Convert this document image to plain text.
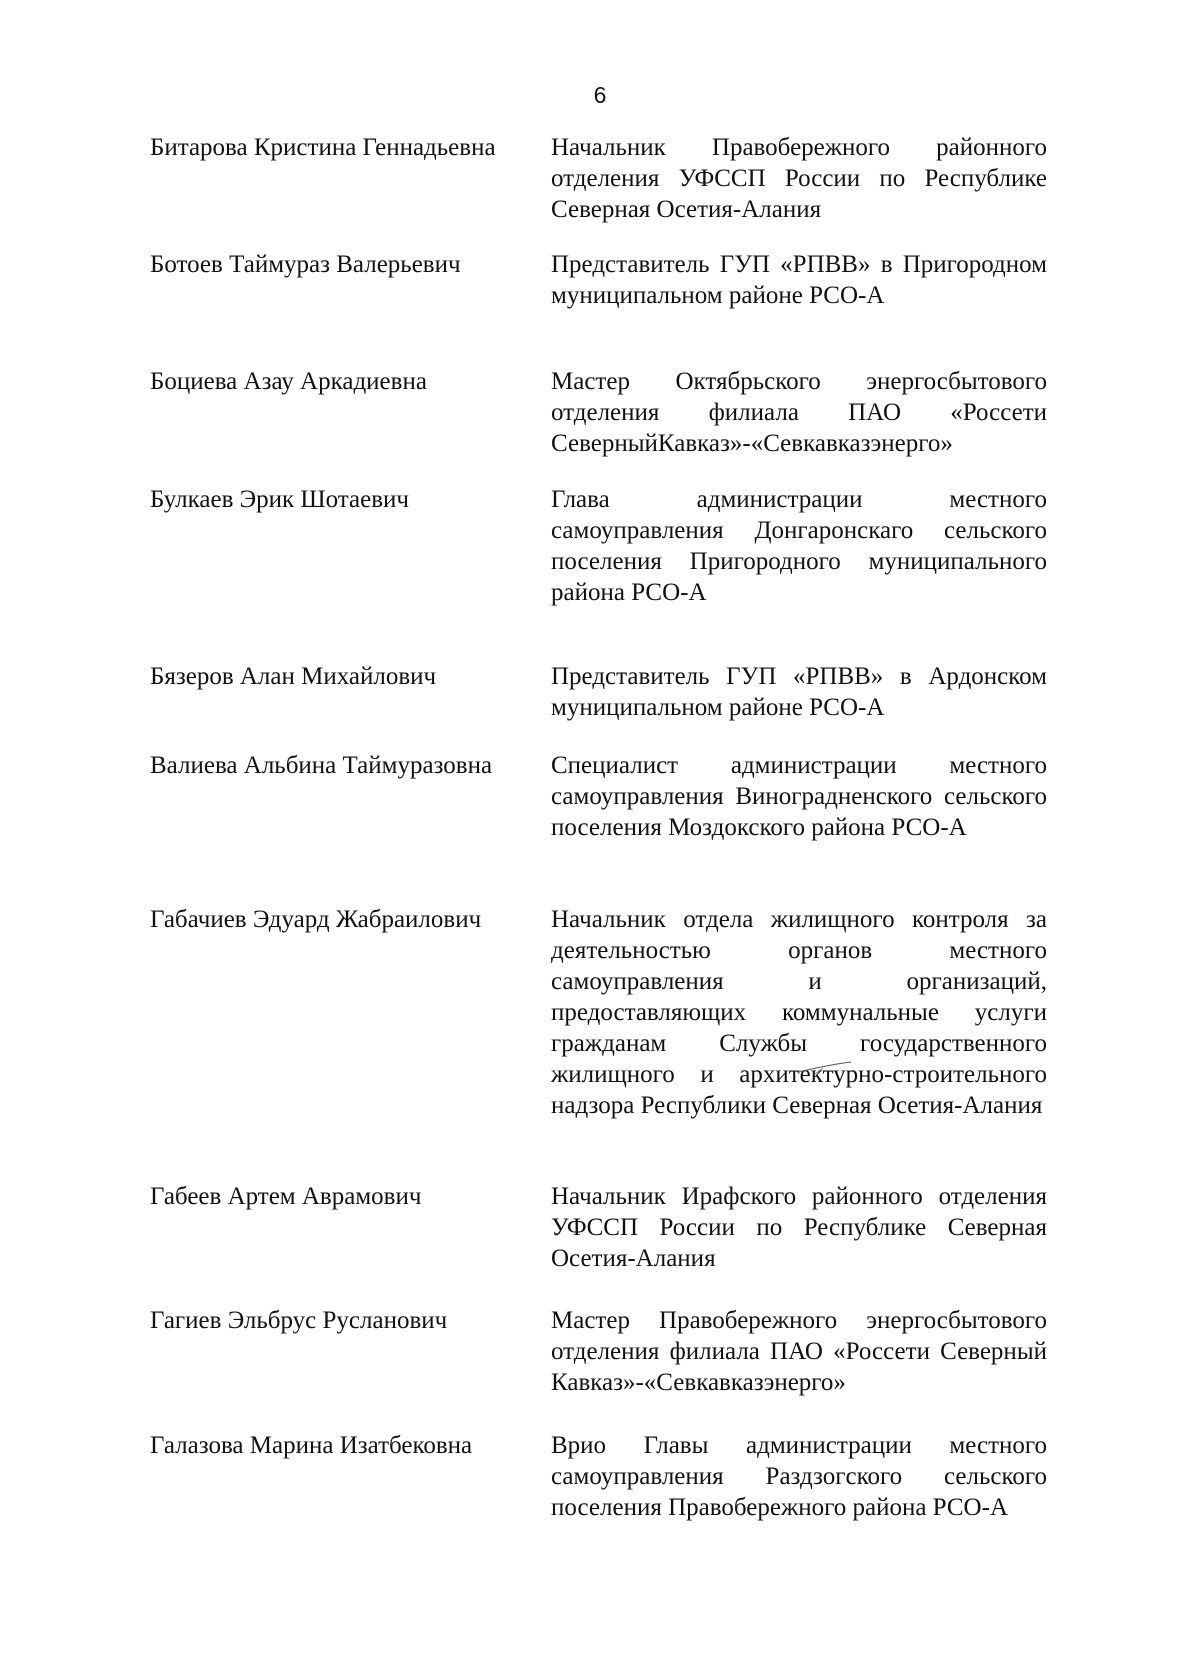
6
Битарова Кристина Геннадьевна	Начальник Правобережного районного отделения УФССП России по Республике Северная Осетия-Алания
Ботоев Таймураз Валерьевич	Представитель ГУП «РПВВ» в Пригородном муниципальном районе РСО-А
Боциева Азау Аркадиевна	Мастер Октябрьского энергосбытового отделения филиала ПАО «Россети СеверныйКавказ»-«Севкавказэнерго»
Булкаев Эрик Шотаевич	Глава администрации местного самоуправления Донгаронскаго сельского поселения Пригородного муниципального района РСО-А
Бязеров Алан Михайлович	Представитель ГУП «РПВВ» в Ардонском муниципальном районе РСО-А
Валиева Альбина Таймуразовна	Специалист администрации местного самоуправления Виноградненского сельского поселения Моздокского района РСО-А
Габачиев Эдуард Жабраилович	Начальник отдела жилищного контроля за деятельностью органов местного самоуправления и организаций, предоставляющих коммунальные услуги гражданам Службы государственного жилищного и архитектурно-строительного надзора Республики Северная Осетия-Алания
Габеев Артем Аврамович	Начальник Ирафского районного отделения УФССП России по Республике Северная Осетия-Алания
Гагиев Эльбрус Русланович	Мастер Правобережного энергосбытового отделения филиала ПАО «Россети Северный Кавказ»-«Севкавказэнерго»
Галазова Марина Изатбековна	Врио Главы администрации местного самоуправления Раздзогского сельского поселения Правобережного района РСО-А
